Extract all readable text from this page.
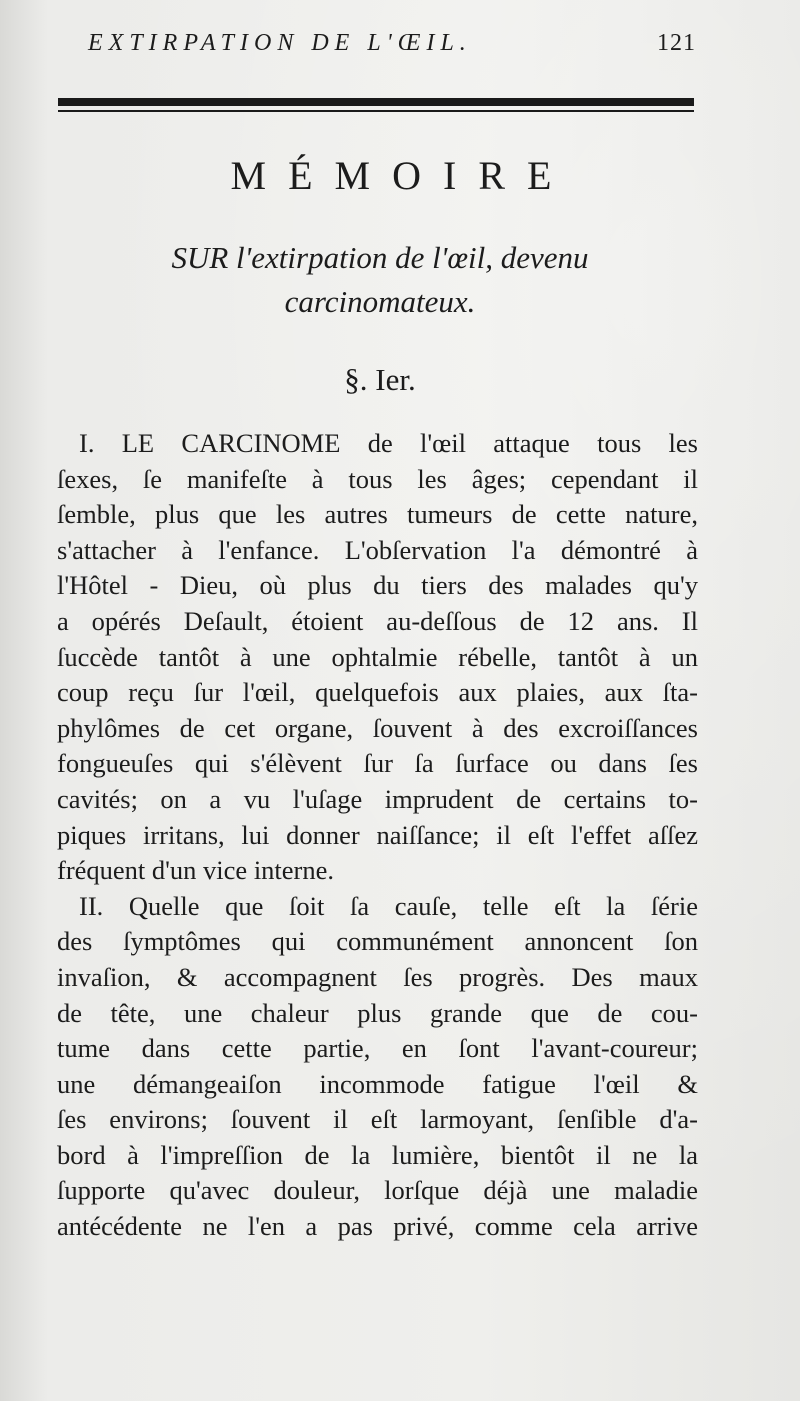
EXTIRPATION DE L'ŒIL.	121
MÉMOIRE
SUR l'extirpation de l'œil, devenu
carcinomateux.
§. Ier.
I. LE CARCINOME de l'œil attaque tous les
ſexes, ſe manifeſte à tous les âges; cependant il
ſemble, plus que les autres tumeurs de cette nature,
s'attacher à l'enfance. L'obſervation l'a démontré à
l'Hôtel - Dieu, où plus du tiers des malades qu'y
a opérés Deſault, étoient au-deſſous de 12 ans. Il
ſuccède tantôt à une ophtalmie rébelle, tantôt à un
coup reçu ſur l'œil, quelquefois aux plaies, aux ſta-
phylômes de cet organe, ſouvent à des excroiſſances
fongueuſes qui s'élèvent ſur ſa ſurface ou dans ſes
cavités; on a vu l'uſage imprudent de certains to-
piques irritans, lui donner naiſſance; il eſt l'effet aſſez
fréquent d'un vice interne.
II. Quelle que ſoit ſa cauſe, telle eſt la ſérie
des ſymptômes qui communément annoncent ſon
invaſion, & accompagnent ſes progrès. Des maux
de tête, une chaleur plus grande que de cou-
tume dans cette partie, en ſont l'avant-coureur;
une démangeaiſon incommode fatigue l'œil &
ſes environs; ſouvent il eſt larmoyant, ſenſible d'a-
bord à l'impreſſion de la lumière, bientôt il ne la
ſupporte qu'avec douleur, lorſque déjà une maladie
antécédente ne l'en a pas privé, comme cela arrive
